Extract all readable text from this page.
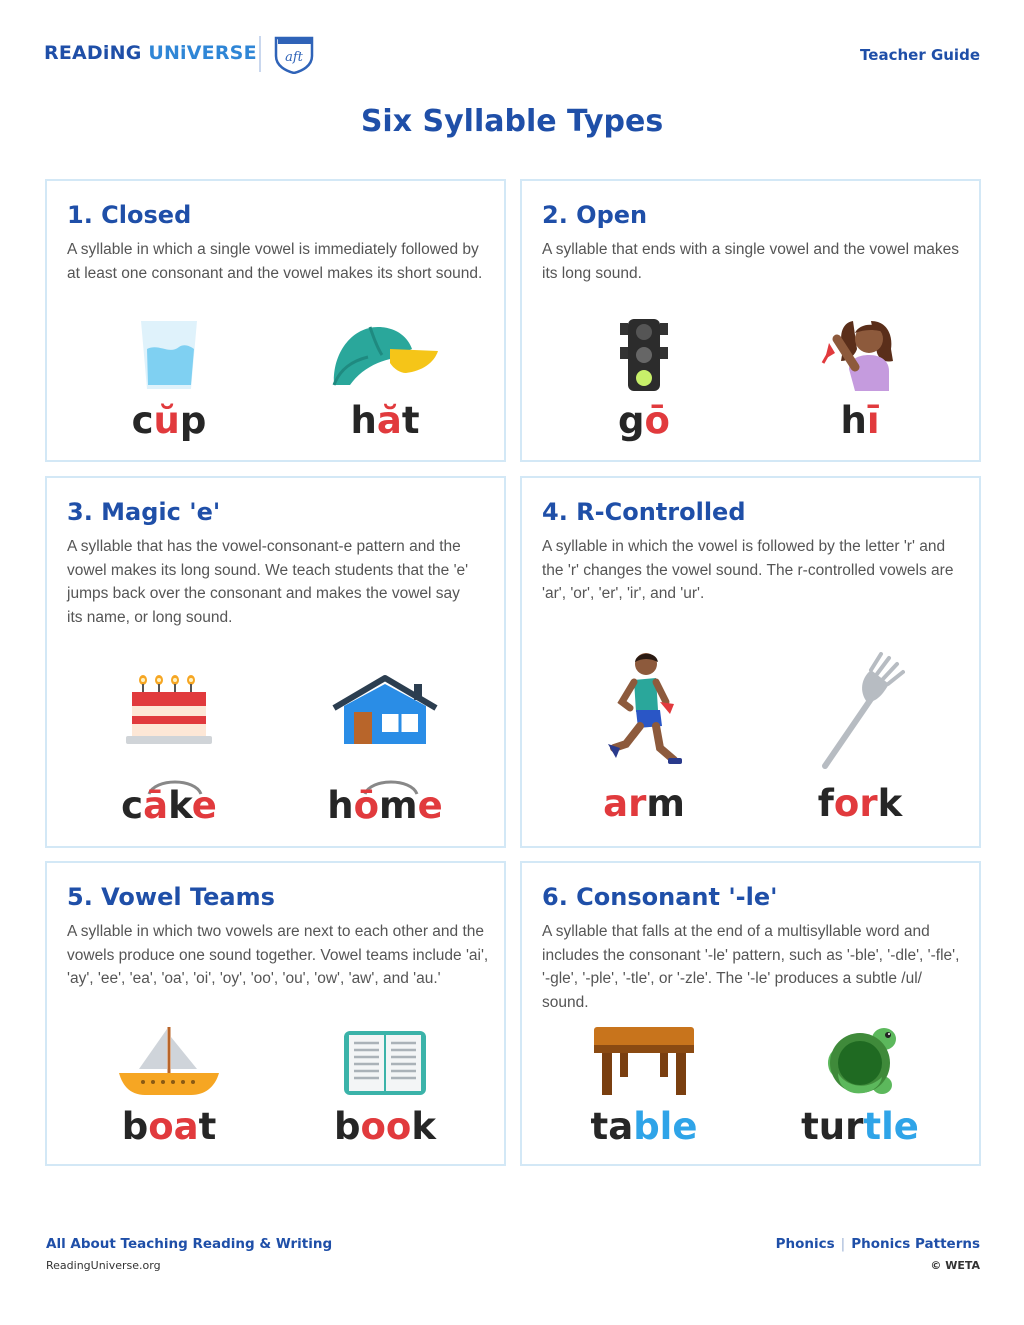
READiNG UNiVERSE aft	Teacher Guide
Six Syllable Types
1. Closed
A syllable in which a single vowel is immediately followed by at least one consonant and the vowel makes its short sound.
cŭp	hăt
2. Open
A syllable that ends with a single vowel and the vowel makes its long sound.
gō	hī
3. Magic 'e'
A syllable that has the vowel-consonant-e pattern and the vowel makes its long sound. We teach students that the 'e' jumps back over the consonant and makes the vowel say its name, or long sound.
cāke	hōme
4. R-Controlled
A syllable in which the vowel is followed by the letter 'r' and the 'r' changes the vowel sound. The r-controlled vowels are 'ar', 'or', 'er', 'ir', and 'ur'.
arm	fork
5. Vowel Teams
A syllable in which two vowels are next to each other and the vowels produce one sound together. Vowel teams include 'ai', 'ay', 'ee', 'ea', 'oa', 'oi', 'oy', 'oo', 'ou', 'ow', 'aw', and 'au.'
boat	book
6. Consonant '-le'
A syllable that falls at the end of a multisyllable word and includes the consonant '-le' pattern, such as '-ble', '-dle', '-fle', '-gle', '-ple', '-tle', or '-zle'. The '-le' produces a subtle /ul/ sound.
table	turtle
All About Teaching Reading & Writing
ReadingUniverse.org
Phonics | Phonics Patterns
© WETA
